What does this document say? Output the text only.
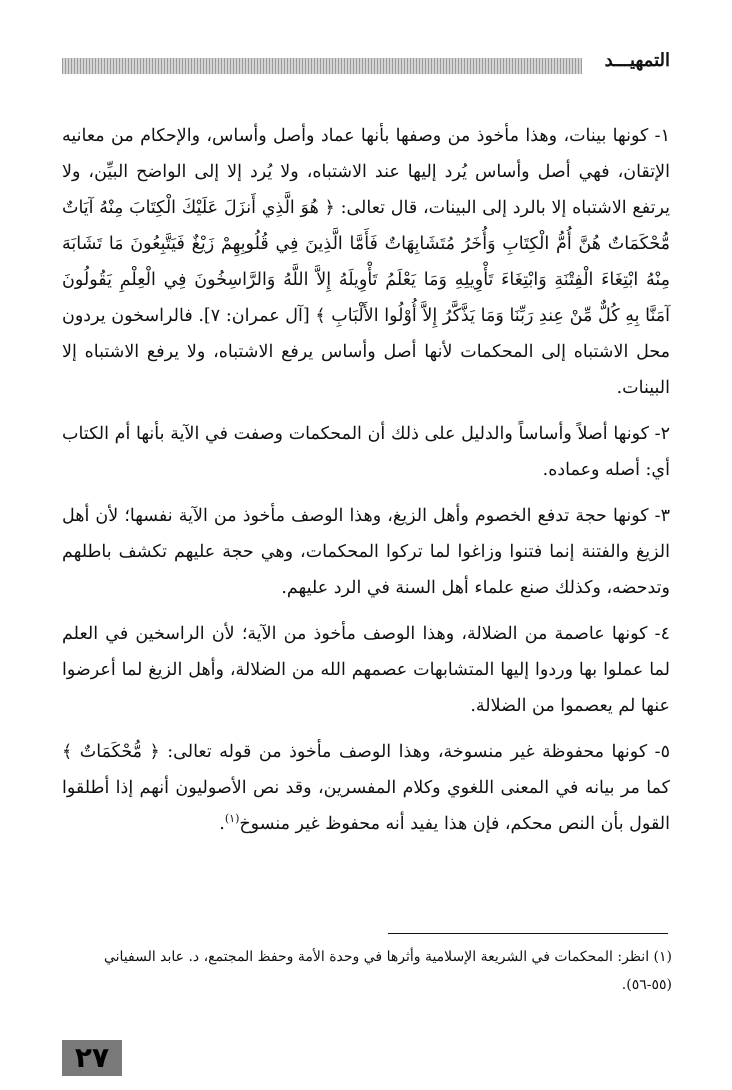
التمهيـــد

١- كونها بينات، وهذا مأخوذ من وصفها بأنها عماد وأصل وأساس، والإحكام من معانيه الإتقان، فهي أصل وأساس يُرد إليها عند الاشتباه، ولا يُرد إلا إلى الواضح البيِّن، ولا يرتفع الاشتباه إلا بالرد إلى البينات، قال تعالى: ﴿ هُوَ الَّذِي أَنزَلَ عَلَيْكَ الْكِتَابَ مِنْهُ آيَاتٌ مُّحْكَمَاتٌ هُنَّ أُمُّ الْكِتَابِ وَأُخَرُ مُتَشَابِهَاتٌ فَأَمَّا الَّذِينَ فِي قُلُوبِهِمْ زَيْغٌ فَيَتَّبِعُونَ مَا تَشَابَهَ مِنْهُ ابْتِغَاءَ الْفِتْنَةِ وَابْتِغَاءَ تَأْوِيلِهِ وَمَا يَعْلَمُ تَأْوِيلَهُ إِلاَّ اللَّهُ وَالرَّاسِخُونَ فِي الْعِلْمِ يَقُولُونَ آمَنَّا بِهِ كُلٌّ مِّنْ عِندِ رَبِّنَا وَمَا يَذَّكَّرُ إِلاَّ أُوْلُوا الأَلْبَابِ ﴾ [آل عمران: ٧]. فالراسخون يردون محل الاشتباه إلى المحكمات لأنها أصل وأساس يرفع الاشتباه، ولا يرفع الاشتباه إلا البينات.

٢- كونها أصلاً وأساساً والدليل على ذلك أن المحكمات وصفت في الآية بأنها أم الكتاب أي: أصله وعماده.

٣- كونها حجة تدفع الخصوم وأهل الزيغ، وهذا الوصف مأخوذ من الآية نفسها؛ لأن أهل الزيغ والفتنة إنما فتنوا وزاغوا لما تركوا المحكمات، وهي حجة عليهم تكشف باطلهم وتدحضه، وكذلك صنع علماء أهل السنة في الرد عليهم.

٤- كونها عاصمة من الضلالة، وهذا الوصف مأخوذ من الآية؛ لأن الراسخين في العلم لما عملوا بها وردوا إليها المتشابهات عصمهم الله من الضلالة، وأهل الزيغ لما أعرضوا عنها لم يعصموا من الضلالة.

٥- كونها محفوظة غير منسوخة، وهذا الوصف مأخوذ من قوله تعالى: ﴿ مُّحْكَمَاتٌ ﴾ كما مر بيانه في المعنى اللغوي وكلام المفسرين، وقد نص الأصوليون أنهم إذا أطلقوا القول بأن النص محكم، فإن هذا يفيد أنه محفوظ غير منسوخ$^{(١)}$.

(١) انظر: المحكمات في الشريعة الإسلامية وأثرها في وحدة الأمة وحفظ المجتمع، د. عابد السفياني (٥٥-٥٦).
٢٧
